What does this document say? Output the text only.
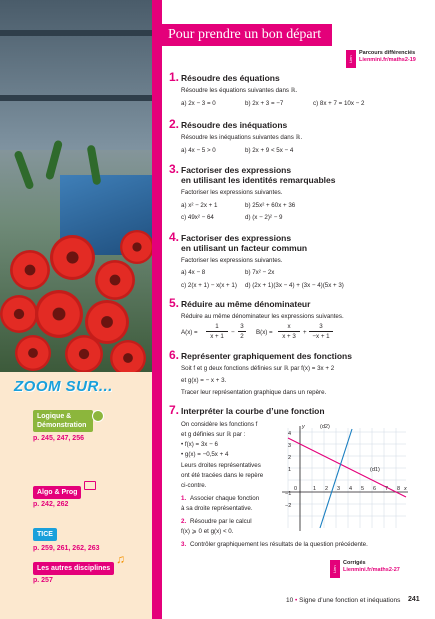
ZOOM SUR...
Logique & Démonstration
p. 245, 247, 256
Algo & Prog
p. 242, 262
TICE
p. 259, 261, 262, 263
Les autres disciplines
♫
p. 257
Pour prendre un bon départ
Lien
Parcours différenciés
Lienmini.fr/maths2-19
1. Résoudre des équations
Résoudre les équations suivantes dans ℝ.
a) 2x − 3 = 0	b) 2x + 3 = −7	c) 8x + 7 = 10x − 2
2. Résoudre des inéquations
Résoudre les inéquations suivantes dans ℝ.
a) 4x − 5 > 0	b) 2x + 9 < 5x − 4
3. Factoriser des expressions
en utilisant les identités remarquables
Factoriser les expressions suivantes.
a) x² − 2x + 1	b) 25x² + 60x + 36
c) 49x² − 64	d) (x − 2)² − 9
4. Factoriser des expressions
en utilisant un facteur commun
Factoriser les expressions suivantes.
a) 4x − 8	b) 7x² − 2x
c) 2(x + 1) − x(x + 1) d) (2x + 1)(3x − 4) + (3x − 4)(5x + 3)
5. Réduire au même dénominateur
Réduire au même dénominateur les expressions suivantes.
A(x) =
1
x + 1
−
3
2
B(x) =
x
x + 3
+
3
−x + 1
6. Représenter graphiquement des fonctions
Soit f et g deux fonctions définies sur ℝ par f(x) = 3x + 2
et g(x) = − x + 3.
Tracer leur représentation graphique dans un repère.
7. Interpréter la courbe d’une fonction
On considère les fonctions f
et g définies sur ℝ par :
• f(x) = 3x − 6
• g(x) = −0,5x + 4
Leurs droites représentatives
ont été tracées dans le repère
ci-contre.
1. Associer chaque fonction
à sa droite représentative.
2. Résoudre par le calcul
f(x) ⩾ 0 et g(x) < 0.
3. Contrôler graphiquement les résultats de la question précédente.
y
x
(d2)
(d1)
0	1 2 3 4 5 6 7 8
4
3
2
1
−1
−2
Lien
Corrigés
Lienmini.fr/maths2-27
10 • Signe d’une fonction et inéquations 241
